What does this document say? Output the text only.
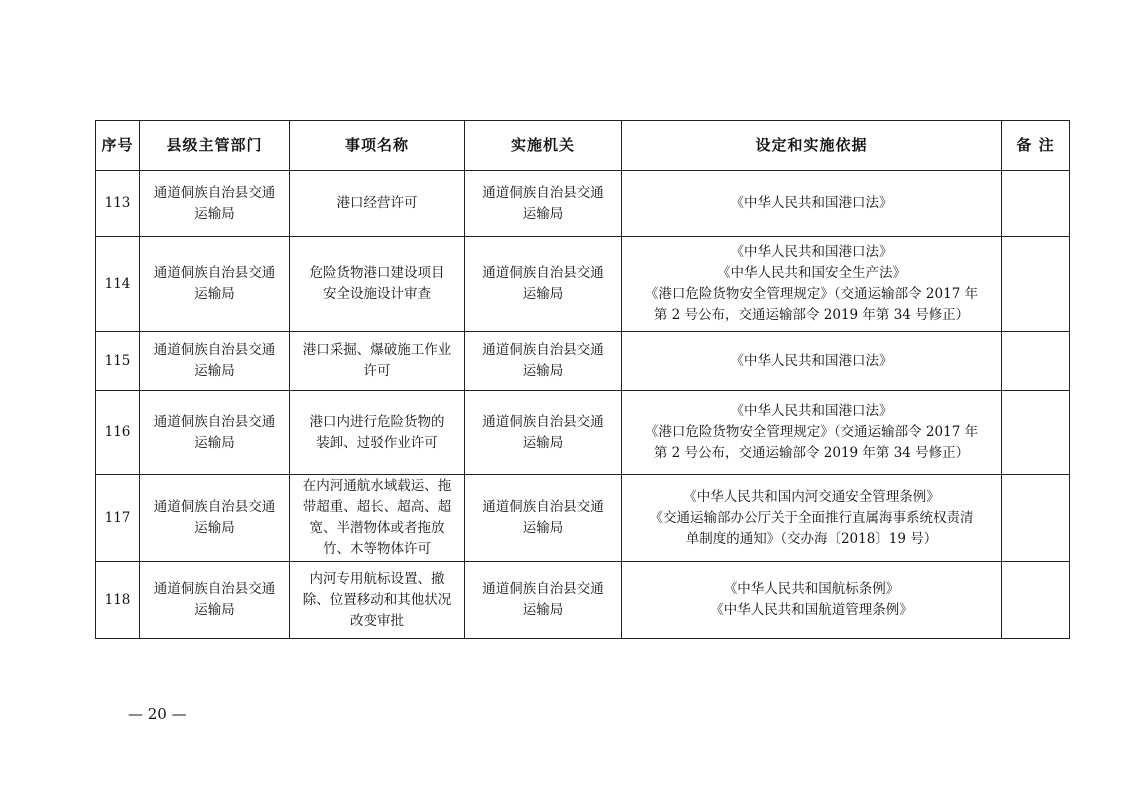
序号	县级主管部门	事项名称	实施机关	设定和实施依据	备 注
113	通道侗族自治县交通
运输局	港口经营许可	通道侗族自治县交通
运输局	《中华人民共和国港口法》	

114	通道侗族自治县交通
运输局	危险货物港口建设项目
安全设施设计审查	通道侗族自治县交通
运输局	《中华人民共和国港口法》
《中华人民共和国安全生产法》
《港口危险货物安全管理规定》（交通运输部令 2017 年
第 2 号公布，交通运输部令 2019 年第 34 号修正）	

115	通道侗族自治县交通
运输局	港口采掘、爆破施工作业
许可	通道侗族自治县交通
运输局	《中华人民共和国港口法》	

116	通道侗族自治县交通
运输局	港口内进行危险货物的
装卸、过驳作业许可	通道侗族自治县交通
运输局	《中华人民共和国港口法》
《港口危险货物安全管理规定》（交通运输部令 2017 年
第 2 号公布，交通运输部令 2019 年第 34 号修正）	

117	通道侗族自治县交通
运输局	在内河通航水域载运、拖
带超重、超长、超高、超
宽、半潜物体或者拖放
竹、木等物体许可	通道侗族自治县交通
运输局	《中华人民共和国内河交通安全管理条例》
《交通运输部办公厅关于全面推行直属海事系统权责清
单制度的通知》（交办海〔2018〕19 号）	

118	通道侗族自治县交通
运输局	内河专用航标设置、撤
除、位置移动和其他状况
改变审批	通道侗族自治县交通
运输局	《中华人民共和国航标条例》
《中华人民共和国航道管理条例》	

— 20 —
